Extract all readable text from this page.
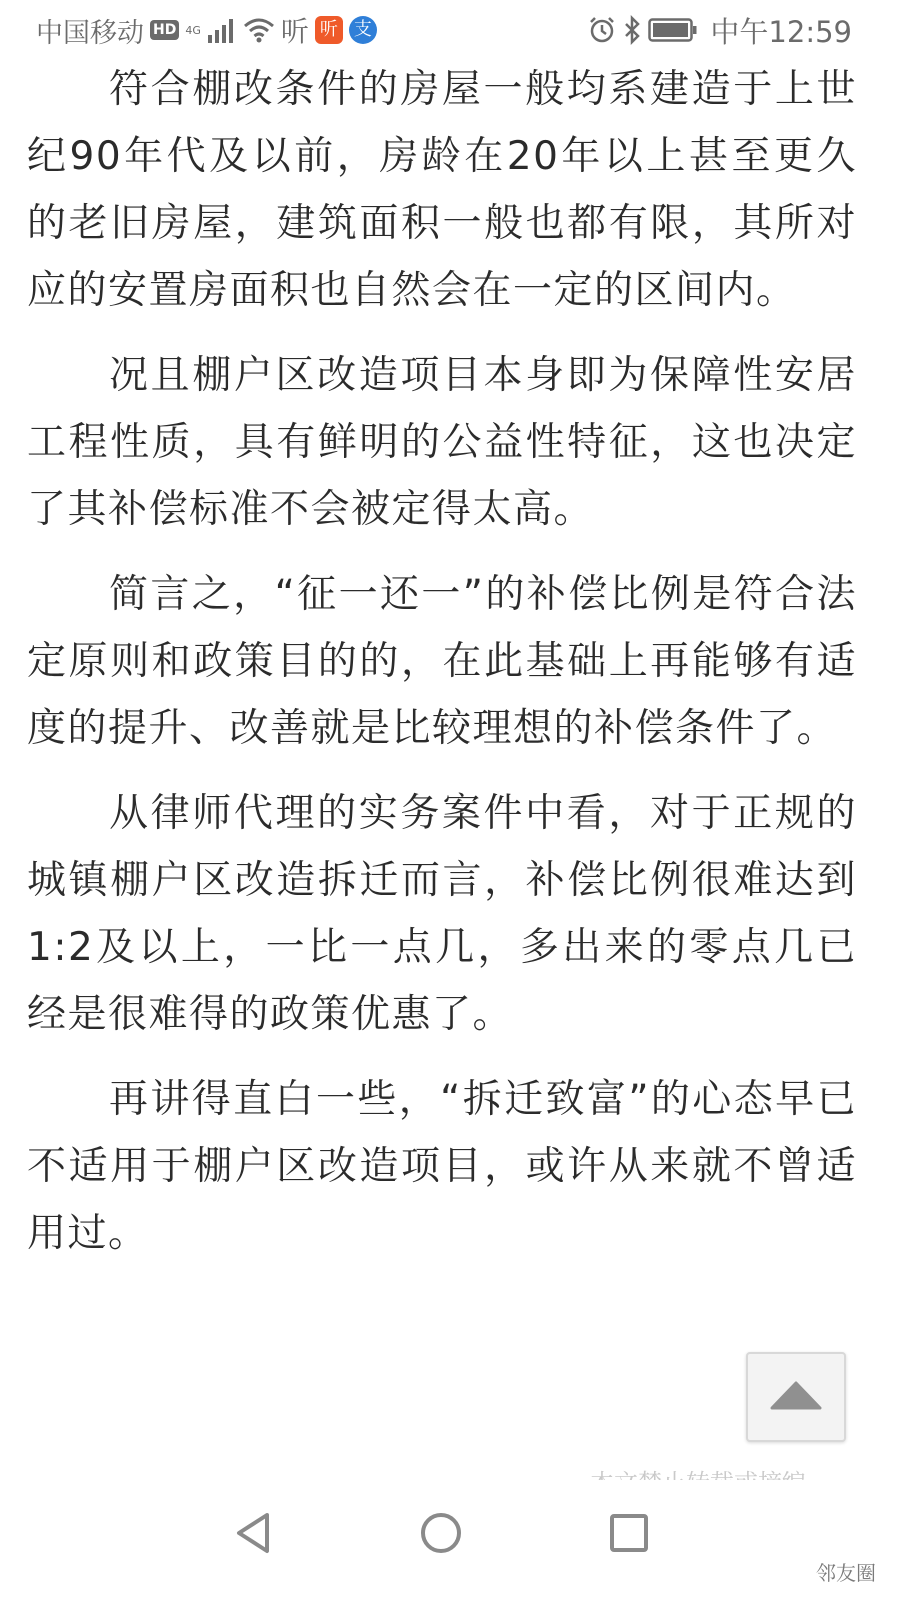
中国移动 HD 4G	听 听 支	中午12:59

符合棚改条件的房屋一般均系建造于上世纪90年代及以前，房龄在20年以上甚至更久的老旧房屋，建筑面积一般也都有限，其所对应的安置房面积也自然会在一定的区间内。

况且棚户区改造项目本身即为保障性安居工程性质，具有鲜明的公益性特征，这也决定了其补偿标准不会被定得太高。

简言之，“征一还一”的补偿比例是符合法定原则和政策目的的，在此基础上再能够有适度的提升、改善就是比较理想的补偿条件了。

从律师代理的实务案件中看，对于正规的城镇棚户区改造拆迁而言，补偿比例很难达到1:2及以上，一比一点几，多出来的零点几已经是很难得的政策优惠了。

再讲得直白一些，“拆迁致富”的心态早已不适用于棚户区改造项目，或许从来就不曾适用过。

邻友圈
